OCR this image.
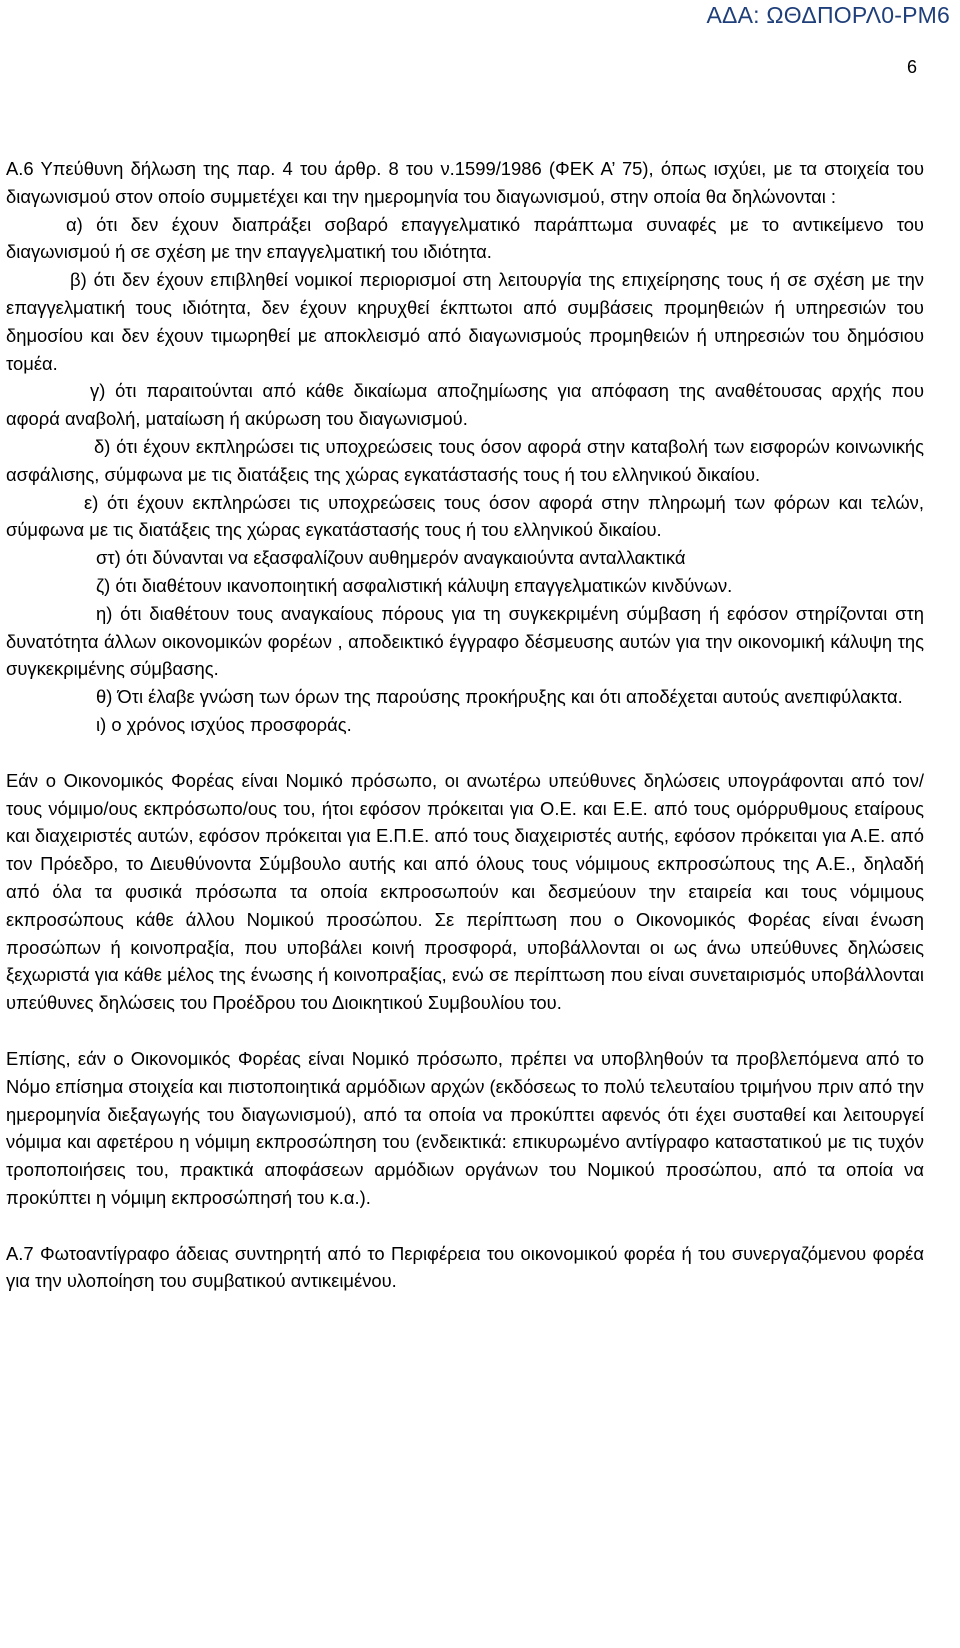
ΑΔΑ: ΩΘΔΠΟΡΛ0-ΡΜ6
6

Α.6 Υπεύθυνη δήλωση της παρ. 4 του άρθρ. 8 του ν.1599/1986 (ΦΕΚ Α’ 75), όπως ισχύει, με τα στοιχεία του διαγωνισμού στον οποίο συμμετέχει και την ημερομηνία του διαγωνισμού, στην οποία θα δηλώνονται :

α) ότι δεν έχουν διαπράξει σοβαρό επαγγελματικό παράπτωμα συναφές με το αντικείμενο του διαγωνισμού ή σε σχέση με την επαγγελματική του ιδιότητα.

β) ότι δεν έχουν επιβληθεί νομικοί περιορισμοί στη λειτουργία της επιχείρησης τους ή σε σχέση με την επαγγελματική τους ιδιότητα, δεν έχουν κηρυχθεί έκπτωτοι από συμβάσεις προμηθειών ή υπηρεσιών του δημοσίου και δεν έχουν τιμωρηθεί με αποκλεισμό από διαγωνισμούς προμηθειών ή υπηρεσιών του δημόσιου τομέα.

γ) ότι παραιτούνται από κάθε δικαίωμα αποζημίωσης για απόφαση της αναθέτουσας αρχής που αφορά αναβολή, ματαίωση ή ακύρωση του διαγωνισμού.

δ) ότι έχουν εκπληρώσει τις υποχρεώσεις τους όσον αφορά στην καταβολή των εισφορών κοινωνικής ασφάλισης, σύμφωνα με τις διατάξεις της χώρας εγκατάστασής τους ή του ελληνικού δικαίου.

ε) ότι έχουν εκπληρώσει τις υποχρεώσεις τους όσον αφορά στην πληρωμή των φόρων και τελών, σύμφωνα με τις διατάξεις της χώρας εγκατάστασής τους ή του ελληνικού δικαίου.

στ) ότι δύνανται να εξασφαλίζουν αυθημερόν αναγκαιούντα ανταλλακτικά

ζ) ότι διαθέτουν ικανοποιητική ασφαλιστική κάλυψη επαγγελματικών κινδύνων.

η) ότι διαθέτουν τους αναγκαίους πόρους για τη συγκεκριμένη σύμβαση ή εφόσον στηρίζονται στη δυνατότητα άλλων οικονομικών φορέων , αποδεικτικό έγγραφο δέσμευσης αυτών για την οικονομική κάλυψη της συγκεκριμένης σύμβασης.

θ) Ότι έλαβε γνώση των όρων της παρούσης προκήρυξης και ότι αποδέχεται αυτούς ανεπιφύλακτα.

ι) ο χρόνος ισχύος προσφοράς.

Εάν ο Οικονομικός Φορέας είναι Νομικό πρόσωπο, οι ανωτέρω υπεύθυνες δηλώσεις υπογράφονται από τον/τους νόμιμο/ους εκπρόσωπο/ους του, ήτοι εφόσον πρόκειται για Ο.Ε. και Ε.Ε. από τους ομόρρυθμους εταίρους και διαχειριστές αυτών, εφόσον πρόκειται για Ε.Π.Ε. από τους διαχειριστές αυτής, εφόσον πρόκειται για Α.Ε. από τον Πρόεδρο, το Διευθύνοντα Σύμβουλο αυτής και από όλους τους νόμιμους εκπροσώπους της Α.Ε., δηλαδή από όλα τα φυσικά πρόσωπα τα οποία εκπροσωπούν και δεσμεύουν την εταιρεία και τους νόμιμους εκπροσώπους κάθε άλλου Νομικού προσώπου. Σε περίπτωση που ο Οικονομικός Φορέας είναι ένωση προσώπων ή κοινοπραξία, που υποβάλει κοινή προσφορά, υποβάλλονται οι ως άνω υπεύθυνες δηλώσεις ξεχωριστά για κάθε μέλος της ένωσης ή κοινοπραξίας, ενώ σε περίπτωση που είναι συνεταιρισμός υποβάλλονται υπεύθυνες δηλώσεις του Προέδρου του Διοικητικού Συμβουλίου του.

Επίσης, εάν ο Οικονομικός Φορέας είναι Νομικό πρόσωπο, πρέπει να υποβληθούν τα προβλεπόμενα από το Νόμο επίσημα στοιχεία και πιστοποιητικά αρμόδιων αρχών (εκδόσεως το πολύ τελευταίου τριμήνου πριν από την ημερομηνία διεξαγωγής του διαγωνισμού), από τα οποία να προκύπτει αφενός ότι έχει συσταθεί και λειτουργεί νόμιμα και αφετέρου η νόμιμη εκπροσώπηση του (ενδεικτικά: επικυρωμένο αντίγραφο καταστατικού με τις τυχόν τροποποιήσεις του, πρακτικά αποφάσεων αρμόδιων οργάνων του Νομικού προσώπου, από τα οποία να προκύπτει η νόμιμη εκπροσώπησή του κ.α.).

Α.7 Φωτοαντίγραφο άδειας συντηρητή από το Περιφέρεια του οικονομικού φορέα ή του συνεργαζόμενου φορέα για την υλοποίηση του συμβατικού αντικειμένου.
